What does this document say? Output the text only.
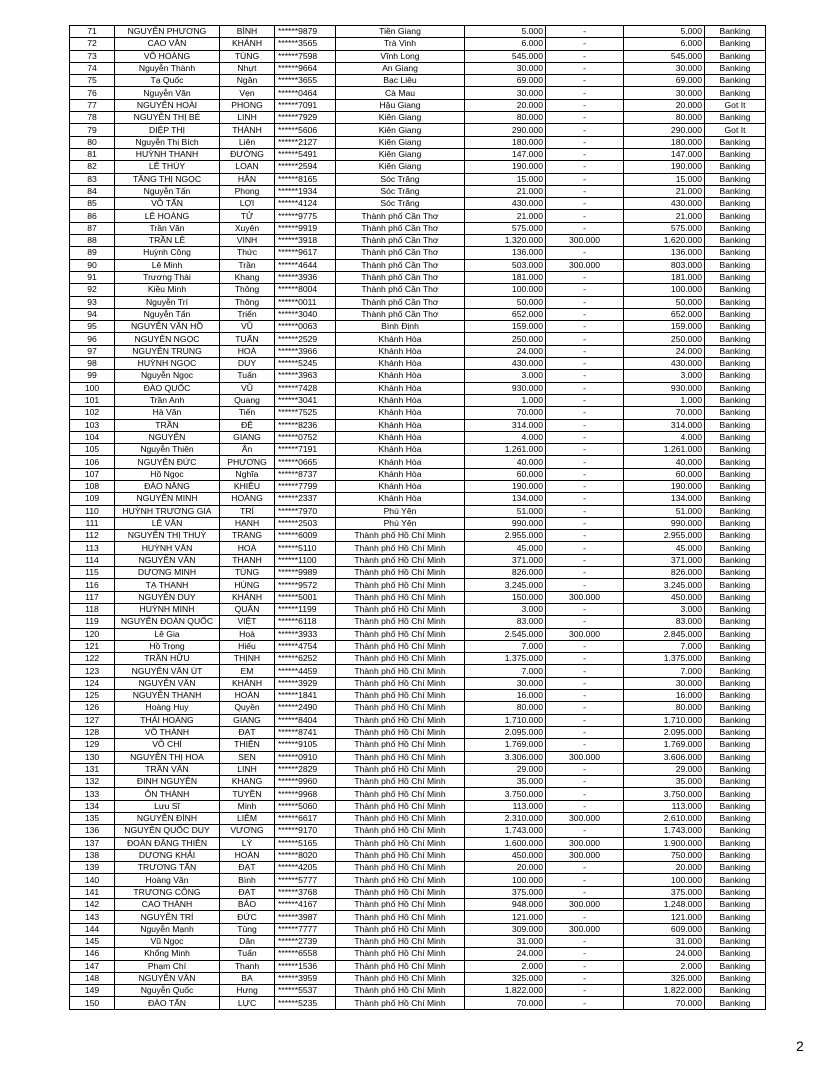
71	NGUYỄN PHƯƠNG	BÌNH	******9879	Tiền Giang	5.000	-	5.000	Banking
72	CAO VĂN	KHÁNH	******3565	Trà Vinh	6.000	-	6.000	Banking
73	VÕ HOÀNG	TÙNG	******7598	Vĩnh Long	545.000	-	545.000	Banking
74	Nguyễn Thành	Nhựt	******9664	An Giang	30.000	-	30.000	Banking
75	Tạ Quốc	Ngân	******3655	Bạc Liêu	69.000	-	69.000	Banking
76	Nguyễn Văn	Vẹn	******0464	Cà Mau	30.000	-	30.000	Banking
77	NGUYỄN HOÀI	PHONG	******7091	Hậu Giang	20.000	-	20.000	Got It
78	NGUYỄN THỊ BÉ	LINH	******7929	Kiên Giang	80.000	-	80.000	Banking
79	DIỆP THỊ	THÀNH	******5606	Kiên Giang	290.000	-	290.000	Got It
80	Nguyễn Thị Bích	Liên	******2127	Kiên Giang	180.000	-	180.000	Banking
81	HUỲNH THANH	ĐƯỜNG	******5491	Kiên Giang	147.000	-	147.000	Banking
82	LÊ THÚY	LOAN	******2594	Kiên Giang	190.000	-	190.000	Banking
83	TĂNG THỊ NGỌC	HÂN	******8165	Sóc Trăng	15.000	-	15.000	Banking
84	Nguyễn Tấn	Phong	******1934	Sóc Trăng	21.000	-	21.000	Banking
85	VÕ TẤN	LỢI	******4124	Sóc Trăng	430.000	-	430.000	Banking
86	LÊ HOÀNG	TỬ	******9775	Thành phố Cần Thơ	21.000	-	21.000	Banking
87	Trần Văn	Xuyên	******9919	Thành phố Cần Thơ	575.000	-	575.000	Banking
88	TRẦN LÊ	VINH	******3918	Thành phố Cần Thơ	1.320.000	300.000	1.620.000	Banking
89	Huỳnh Công	Thức	******9617	Thành phố Cần Thơ	136.000	-	136.000	Banking
90	Lê Minh	Trần	******4644	Thành phố Cần Thơ	503.000	300.000	803.000	Banking
91	Trương Thái	Khang	******3936	Thành phố Cần Thơ	181.000	-	181.000	Banking
92	Kiều Minh	Thông	******8004	Thành phố Cần Thơ	100.000	-	100.000	Banking
93	Nguyễn Trí	Thông	******0011	Thành phố Cần Thơ	50.000	-	50.000	Banking
94	Nguyễn Tấn	Triển	******3040	Thành phố Cần Thơ	652.000	-	652.000	Banking
95	NGUYỄN VĂN HỒ	VŨ	******0063	Bình Định	159.000	-	159.000	Banking
96	NGUYỄN NGỌC	TUẤN	******2529	Khánh Hòa	250.000	-	250.000	Banking
97	NGUYỄN TRUNG	HOÀ	******3966	Khánh Hòa	24.000	-	24.000	Banking
98	HUỲNH NGỌC	DUY	******5245	Khánh Hòa	430.000	-	430.000	Banking
99	Nguyễn Ngọc	Tuấn	******3963	Khánh Hòa	3.000	-	3.000	Banking
100	ĐÀO QUỐC	VŨ	******7428	Khánh Hòa	930.000	-	930.000	Banking
101	Trần Anh	Quang	******3041	Khánh Hòa	1.000	-	1.000	Banking
102	Hà Văn	Tiến	******7525	Khánh Hòa	70.000	-	70.000	Banking
103	TRẦN	ĐỆ	******8236	Khánh Hòa	314.000	-	314.000	Banking
104	NGUYỄN	GIANG	******0752	Khánh Hòa	4.000	-	4.000	Banking
105	Nguyễn Thiên	Ân	******7191	Khánh Hòa	1.261.000	-	1.261.000	Banking
106	NGUYỄN ĐỨC	PHƯƠNG	******0665	Khánh Hòa	40.000	-	40.000	Banking
107	Hồ Ngọc	Nghĩa	******8737	Khánh Hòa	60.000	-	60.000	Banking
108	ĐÀO NĂNG	KHIÊU	******7799	Khánh Hòa	190.000	-	190.000	Banking
109	NGUYỄN MINH	HOÀNG	******2337	Khánh Hòa	134.000	-	134.000	Banking
110	HUỲNH TRƯƠNG GIA	TRÍ	******7970	Phú Yên	51.000	-	51.000	Banking
111	LÊ VĂN	HẠNH	******2503	Phú Yên	990.000	-	990.000	Banking
112	NGUYỄN THỊ THUỲ	TRANG	******6009	Thành phố Hồ Chí Minh	2.955.000	-	2.955.000	Banking
113	HUỲNH VĂN	HOÀ	******5110	Thành phố Hồ Chí Minh	45.000	-	45.000	Banking
114	NGUYỄN VĂN	THANH	******1100	Thành phố Hồ Chí Minh	371.000	-	371.000	Banking
115	DƯƠNG MINH	TÙNG	******9989	Thành phố Hồ Chí Minh	826.000	-	826.000	Banking
116	TẠ THANH	HÙNG	******9572	Thành phố Hồ Chí Minh	3.245.000	-	3.245.000	Banking
117	NGUYỄN DUY	KHÁNH	******5001	Thành phố Hồ Chí Minh	150.000	300.000	450.000	Banking
118	HUỲNH MINH	QUÂN	******1199	Thành phố Hồ Chí Minh	3.000	-	3.000	Banking
119	NGUYỄN ĐOÀN QUỐC	VIỆT	******6118	Thành phố Hồ Chí Minh	83.000	-	83.000	Banking
120	Lê Gia	Hoà	******3933	Thành phố Hồ Chí Minh	2.545.000	300.000	2.845.000	Banking
121	Hồ Trọng	Hiếu	******4754	Thành phố Hồ Chí Minh	7.000	-	7.000	Banking
122	TRẦN HỮU	THỊNH	******6252	Thành phố Hồ Chí Minh	1.375.000	-	1.375.000	Banking
123	NGUYỄN VĂN ÚT	EM	******4459	Thành phố Hồ Chí Minh	7.000	-	7.000	Banking
124	NGUYỄN VĂN	KHÁNH	******3929	Thành phố Hồ Chí Minh	30.000	-	30.000	Banking
125	NGUYỄN THANH	HOÀN	******1841	Thành phố Hồ Chí Minh	16.000	-	16.000	Banking
126	Hoàng Huy	Quyền	******2490	Thành phố Hồ Chí Minh	80.000	-	80.000	Banking
127	THÁI HOÀNG	GIANG	******8404	Thành phố Hồ Chí Minh	1.710.000	-	1.710.000	Banking
128	VÕ THÀNH	ĐẠT	******8741	Thành phố Hồ Chí Minh	2.095.000	-	2.095.000	Banking
129	VÕ CHÍ	THIỆN	******9105	Thành phố Hồ Chí Minh	1.769.000	-	1.769.000	Banking
130	NGUYỄN THỊ HOA	SEN	******0910	Thành phố Hồ Chí Minh	3.306.000	300.000	3.606.000	Banking
131	TRẦN VĂN	LINH	******2829	Thành phố Hồ Chí Minh	29.000	-	29.000	Banking
132	ĐINH NGUYÊN	KHANG	******9960	Thành phố Hồ Chí Minh	35.000	-	35.000	Banking
133	ÔN THÀNH	TUYỀN	******9968	Thành phố Hồ Chí Minh	3.750.000	-	3.750.000	Banking
134	Lưu Sĩ	Minh	******5060	Thành phố Hồ Chí Minh	113.000	-	113.000	Banking
135	NGUYỄN ĐÌNH	LIÊM	******6617	Thành phố Hồ Chí Minh	2.310.000	300.000	2.610.000	Banking
136	NGUYỄN QUỐC DUY	VƯƠNG	******9170	Thành phố Hồ Chí Minh	1.743.000	-	1.743.000	Banking
137	ĐOÀN ĐĂNG THIÊN	LÝ	******5165	Thành phố Hồ Chí Minh	1.600.000	300.000	1.900.000	Banking
138	DƯƠNG KHẢI	HOÀN	******8020	Thành phố Hồ Chí Minh	450.000	300.000	750.000	Banking
139	TRƯƠNG TẤN	ĐẠT	******4205	Thành phố Hồ Chí Minh	20.000	-	20.000	Banking
140	Hoàng Văn	Bình	******5777	Thành phố Hồ Chí Minh	100.000	-	100.000	Banking
141	TRƯƠNG CÔNG	ĐẠT	******3768	Thành phố Hồ Chí Minh	375.000	-	375.000	Banking
142	CAO THÀNH	BẢO	******4167	Thành phố Hồ Chí Minh	948.000	300.000	1.248.000	Banking
143	NGUYỄN TRÍ	ĐỨC	******3987	Thành phố Hồ Chí Minh	121.000	-	121.000	Banking
144	Nguyễn Mạnh	Tùng	******7777	Thành phố Hồ Chí Minh	309.000	300.000	609.000	Banking
145	Vũ Ngọc	Dân	******2739	Thành phố Hồ Chí Minh	31.000	-	31.000	Banking
146	Khổng Minh	Tuấn	******6558	Thành phố Hồ Chí Minh	24.000	-	24.000	Banking
147	Phạm Chí	Thanh	******1536	Thành phố Hồ Chí Minh	2.000	-	2.000	Banking
148	NGUYỄN VĂN	BA	******3959	Thành phố Hồ Chí Minh	325.000	-	325.000	Banking
149	Nguyễn Quốc	Hưng	******5537	Thành phố Hồ Chí Minh	1.822.000	-	1.822.000	Banking
150	ĐÀO TẤN	LỰC	******5235	Thành phố Hồ Chí Minh	70.000	-	70.000	Banking
2
